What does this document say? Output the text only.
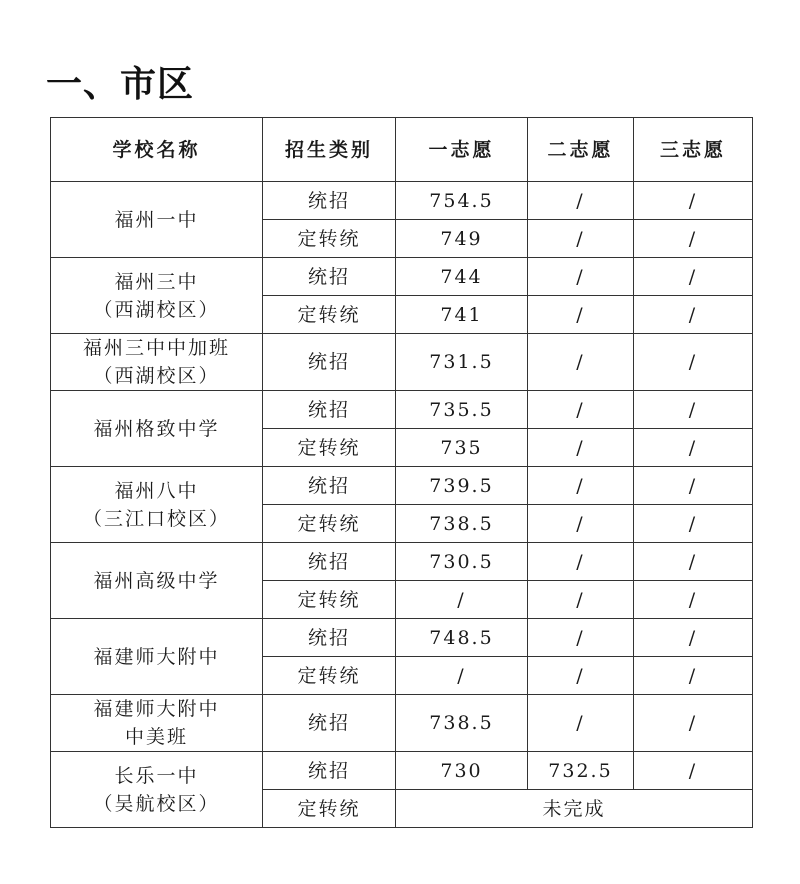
一、市区
学校名称	招生类别	一志愿	二志愿	三志愿

福州一中	统招	754.5	/	/
	定转统	749	/	/

福州三中
（西湖校区）	统招	744	/	/
	定转统	741	/	/

福州三中中加班
（西湖校区）	统招	731.5	/	/

福州格致中学	统招	735.5	/	/
	定转统	735	/	/

福州八中
（三江口校区）	统招	739.5	/	/
	定转统	738.5	/	/

福州高级中学	统招	730.5	/	/
	定转统	/	/	/

福建师大附中	统招	748.5	/	/
	定转统	/	/	/

福建师大附中
中美班	统招	738.5	/	/

长乐一中
（吴航校区）	统招	730	732.5	/
	定转统	未完成		
